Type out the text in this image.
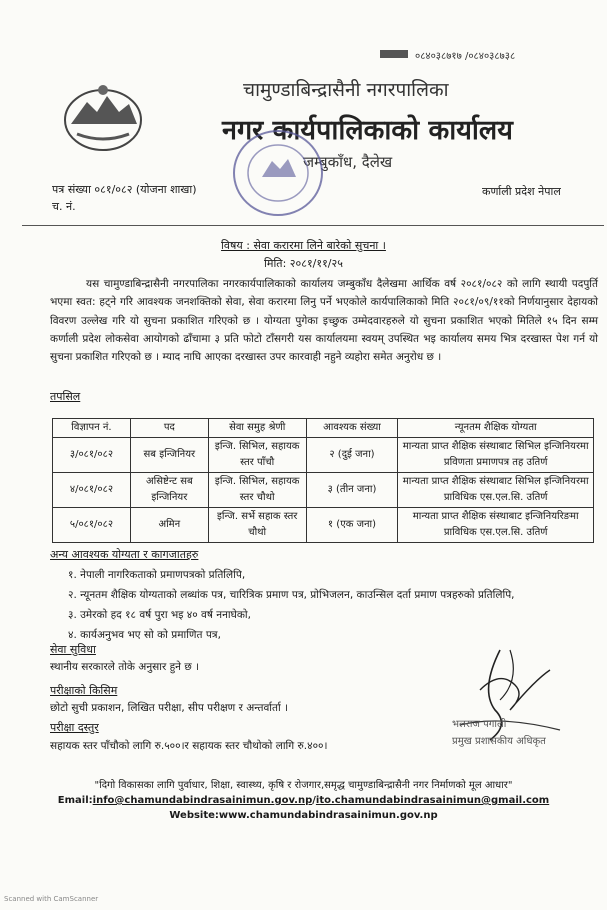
०८४०३८७१७ /०८४०३८७३८
चामुण्डाबिन्द्रासैनी नगरपालिका
नगर कार्यपालिकाको कार्यालय
जम्बुकाँध, दैलेख
पत्र संख्या ०८१/०८२ (योजना शाखा)
च. नं.
कर्णाली प्रदेश नेपाल
विषय : सेवा करारमा लिने बारेको सुचना ।
मिति: २०८१/११/२५
यस चामुण्डाबिन्द्रासैनी नगरपालिका नगरकार्यपालिकाको कार्यालय जम्बुकाँध दैलेखमा आर्थिक वर्ष २०८१/०८२ को लागि स्थायी पदपुर्ति भएमा स्वत: हट्ने गरि आवश्यक जनशक्तिको सेवा, सेवा करारमा लिनु पर्ने भएकोले कार्यपालिकाको मिति २०८१/०९/११को निर्णयानुसार देहायको विवरण उल्लेख गरि यो सुचना प्रकाशित गरिएको छ । योग्यता पुगेका इच्छुक उम्मेदवारहरुले यो सुचना प्रकाशित भएको मितिले १५ दिन सम्म कर्णाली प्रदेश लोकसेवा आयोगको ढाँचामा ३ प्रति फोटो टाँसगरी यस कार्यालयमा स्वयम् उपस्थित भइ कार्यालय समय भित्र दरखास्त पेश गर्न यो सुचना प्रकाशित गरिएको छ । म्याद नाघि आएका दरखास्त उपर कारवाही नहुने व्यहोरा समेत अनुरोध छ ।
तपसिल
विज्ञापन नं.	पद	सेवा समुह श्रेणी	आवश्यक संख्या	न्यूनतम शैक्षिक योग्यता
३/०८१/०८२	सब इन्जिनियर	इन्जि. सिभिल, सहायक स्तर पाँचौ	२ (दुई जना)	मान्यता प्राप्त शैक्षिक संस्थाबाट सिभिल इन्जिनियरमा प्रविणता प्रमाणपत्र तह उतिर्ण
४/०८१/०८२	असिष्टेन्ट सब इन्जिनियर	इन्जि. सिभिल, सहायक स्तर चौथो	३ (तीन जना)	मान्यता प्राप्त शैक्षिक संस्थाबाट सिभिल इन्जिनियरमा प्राविधिक एस.एल.सि. उतिर्ण
५/०८१/०८२	अमिन	इन्जि. सर्भे सहाक स्तर चौथो	१ (एक जना)	मान्यता प्राप्त शैक्षिक संस्थाबाट इन्जिनियरिङमा प्राविधिक एस.एल.सि. उतिर्ण
अन्य आवश्यक योग्यता र कागजातहरु
१. नेपाली नागरिकताको प्रमाणपत्रको प्रतिलिपि,
२. न्यूनतम शैक्षिक योग्यताको लब्धांक पत्र, चारित्रिक प्रमाण पत्र, प्रोभिजलन, काउन्सिल दर्ता प्रमाण पत्रहरुको प्रतिलिपि,
३. उमेरको हद १८ वर्ष पुरा भइ ४० वर्ष ननाघेको,
४. कार्यअनुभव भए सो को प्रमाणित पत्र,
सेवा सुविधा
स्थानीय सरकारले तोके अनुसार हुने छ ।
परीक्षाको किसिम
छोटो सुची प्रकाशन, लिखित परीक्षा, सीप परीक्षण र अन्तर्वार्ता ।
परीक्षा दस्तुर
सहायक स्तर पाँचौको लागि रु.५००।र सहायक स्तर चौथोको लागि रु.४००।
भलराज पगाली
प्रमुख प्रशासकीय अधिकृत
"दिगो विकासका लागि पुर्वाधार, शिक्षा, स्वास्थ्य, कृषि र रोजगार,समृद्ध चामुण्डाबिन्द्रासैनी नगर निर्माणको मूल आधार"
Email:info@chamundabindrasainimun.gov.np/ito.chamundabindrasainimun@gmail.com
Website:www.chamundabindrasainimun.gov.np
Scanned with CamScanner
